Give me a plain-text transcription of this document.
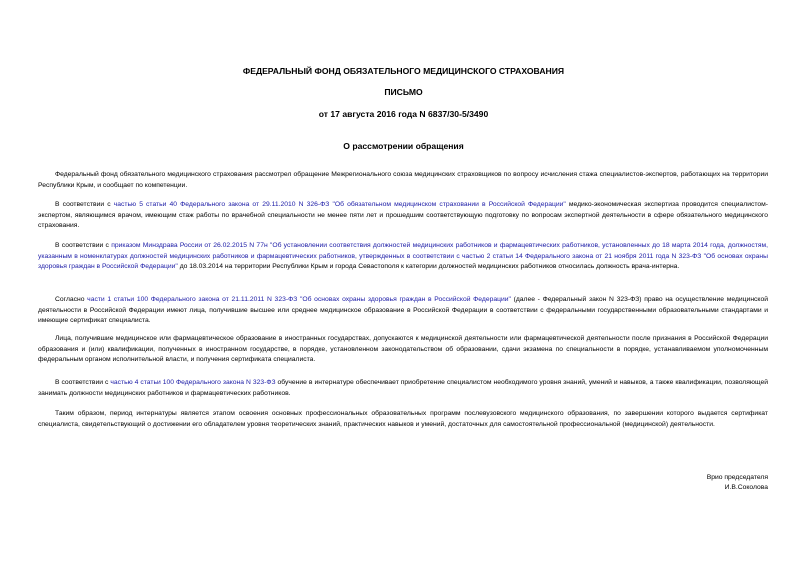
ФЕДЕРАЛЬНЫЙ ФОНД ОБЯЗАТЕЛЬНОГО МЕДИЦИНСКОГО СТРАХОВАНИЯ
ПИСЬМО
от 17 августа 2016 года N 6837/30-5/3490
О рассмотрении обращения

Федеральный фонд обязательного медицинского страхования рассмотрел обращение Межрегионального союза медицинских страховщиков по вопросу исчисления стажа специалистов-экспертов, работающих на территории Республики Крым, и сообщает по компетенции.

В соответствии с частью 5 статьи 40 Федерального закона от 29.11.2010 N 326-ФЗ "Об обязательном медицинском страховании в Российской Федерации" медико-экономическая экспертиза проводится специалистом-экспертом, являющимся врачом, имеющим стаж работы по врачебной специальности не менее пяти лет и прошедшим соответствующую подготовку по вопросам экспертной деятельности в сфере обязательного медицинского страхования.

В соответствии с приказом Минздрава России от 26.02.2015 N 77н "Об установлении соответствия должностей медицинских работников и фармацевтических работников, установленных до 18 марта 2014 года, должностям, указанным в номенклатурах должностей медицинских работников и фармацевтических работников, утвержденных в соответствии с частью 2 статьи 14 Федерального закона от 21 ноября 2011 года N 323-ФЗ "Об основах охраны здоровья граждан в Российской Федерации" до 18.03.2014 на территории Республики Крым и города Севастополя к категории должностей медицинских работников относилась должность врача-интерна.

Согласно части 1 статьи 100 Федерального закона от 21.11.2011 N 323-ФЗ "Об основах охраны здоровья граждан в Российской Федерации" (далее - Федеральный закон N 323-ФЗ) право на осуществление медицинской деятельности в Российской Федерации имеют лица, получившие высшее или среднее медицинское образование в Российской Федерации в соответствии с федеральными государственными образовательными стандартами и имеющие сертификат специалиста.

Лица, получившие медицинское или фармацевтическое образование в иностранных государствах, допускаются к медицинской деятельности или фармацевтической деятельности после признания в Российской Федерации образования и (или) квалификации, полученных в иностранном государстве, в порядке, установленном законодательством об образовании, сдачи экзамена по специальности в порядке, устанавливаемом уполномоченным федеральным органом исполнительной власти, и получения сертификата специалиста.

В соответствии с частью 4 статьи 100 Федерального закона N 323-ФЗ обучение в интернатуре обеспечивает приобретение специалистом необходимого уровня знаний, умений и навыков, а также квалификации, позволяющей занимать должности медицинских работников и фармацевтических работников.

Таким образом, период интернатуры является этапом освоения основных профессиональных образовательных программ послевузовского медицинского образования, по завершении которого выдается сертификат специалиста, свидетельствующий о достижении его обладателем уровня теоретических знаний, практических навыков и умений, достаточных для самостоятельной профессиональной (медицинской) деятельности.

Врио председателя
И.В.Соколова
